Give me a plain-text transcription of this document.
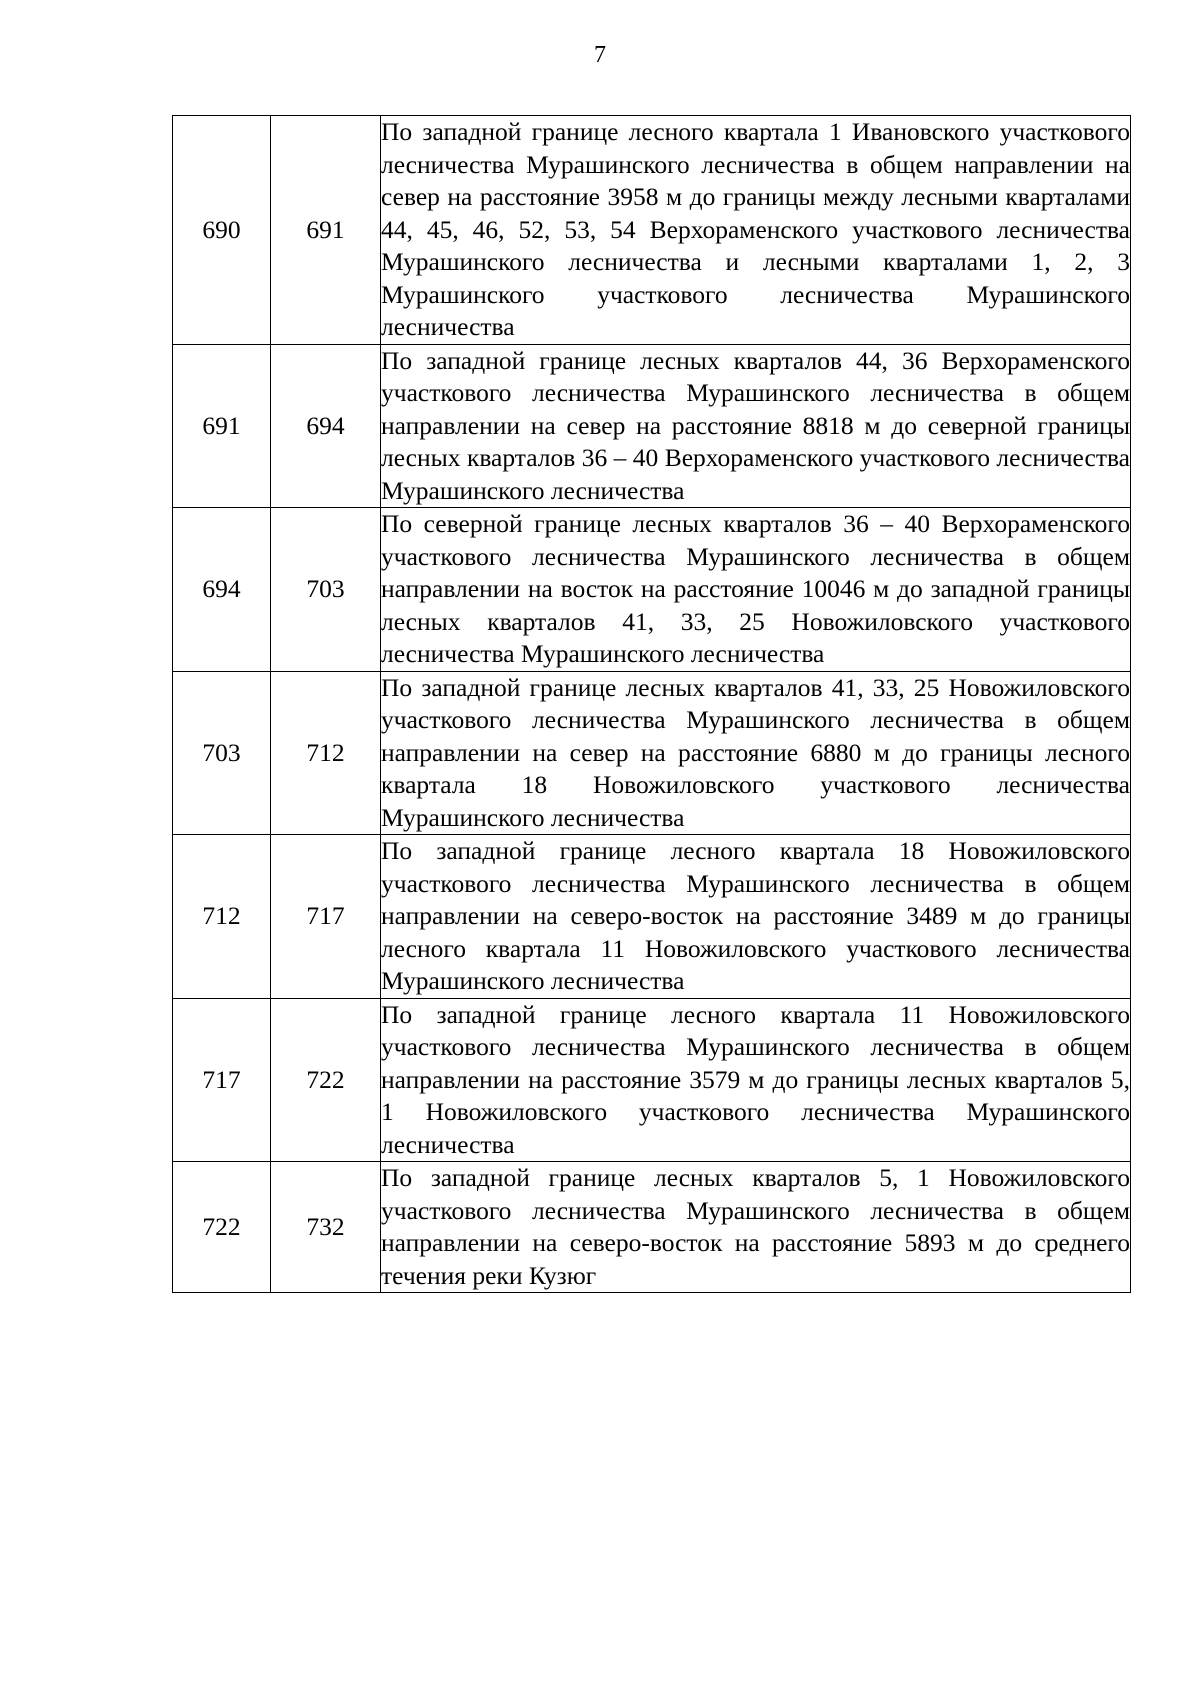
7
690	691	По западной границе лесного квартала 1 Ивановского участкового лесничества Мурашинского лесничества в общем направлении на север на расстояние 3958 м до границы между лесными кварталами 44, 45, 46, 52, 53, 54 Верхораменского участкового лесничества Мурашинского лесничества и лесными кварталами 1, 2, 3 Мурашинского участкового лесничества Мурашинского лесничества
691	694	По западной границе лесных кварталов 44, 36 Верхораменского участкового лесничества Мурашинского лесничества в общем направлении на север на расстояние 8818 м до северной границы лесных кварталов 36 – 40 Верхораменского участкового лесничества Мурашинского лесничества
694	703	По северной границе лесных кварталов 36 – 40 Верхораменского участкового лесничества Мурашинского лесничества в общем направлении на восток на расстояние 10046 м до западной границы лесных кварталов 41, 33, 25 Новожиловского участкового лесничества Мурашинского лесничества
703	712	По западной границе лесных кварталов 41, 33, 25 Новожиловского участкового лесничества Мурашинского лесничества в общем направлении на север на расстояние 6880 м до границы лесного квартала 18 Новожиловского участкового лесничества Мурашинского лесничества
712	717	По западной границе лесного квартала 18 Новожиловского участкового лесничества Мурашинского лесничества в общем направлении на северо-восток на расстояние 3489 м до границы лесного квартала 11 Новожиловского участкового лесничества Мурашинского лесничества
717	722	По западной границе лесного квартала 11 Новожиловского участкового лесничества Мурашинского лесничества в общем направлении на расстояние 3579 м до границы лесных кварталов 5, 1 Новожиловского участкового лесничества Мурашинского лесничества
722	732	По западной границе лесных кварталов 5, 1 Новожиловского участкового лесничества Мурашинского лесничества в общем направлении на северо-восток на расстояние 5893 м до среднего течения реки Кузюг
